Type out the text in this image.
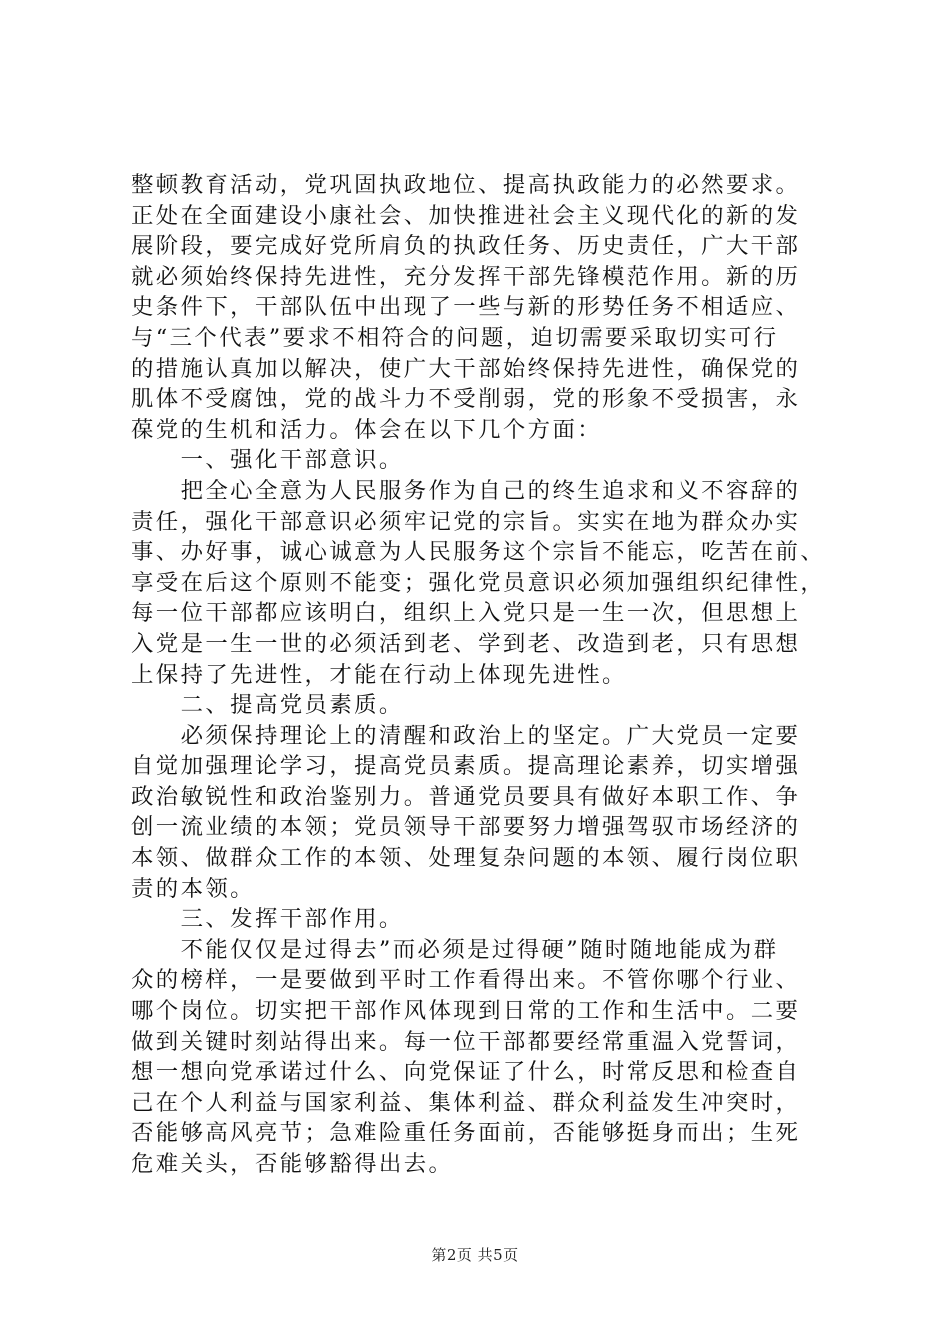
整顿教育活动，党巩固执政地位、提高执政能力的必然要求。
正处在全面建设小康社会、加快推进社会主义现代化的新的发
展阶段，要完成好党所肩负的执政任务、历史责任，广大干部
就必须始终保持先进性，充分发挥干部先锋模范作用。新的历
史条件下，干部队伍中出现了一些与新的形势任务不相适应、
与“三个代表”要求不相符合的问题，迫切需要采取切实可行
的措施认真加以解决，使广大干部始终保持先进性，确保党的
肌体不受腐蚀，党的战斗力不受削弱，党的形象不受损害，永
葆党的生机和活力。体会在以下几个方面：
　　一、强化干部意识。
　　把全心全意为人民服务作为自己的终生追求和义不容辞的
责任，强化干部意识必须牢记党的宗旨。实实在地为群众办实
事、办好事，诚心诚意为人民服务这个宗旨不能忘，吃苦在前、
享受在后这个原则不能变；强化党员意识必须加强组织纪律性，
每一位干部都应该明白，组织上入党只是一生一次，但思想上
入党是一生一世的必须活到老、学到老、改造到老，只有思想
上保持了先进性，才能在行动上体现先进性。
　　二、提高党员素质。
　　必须保持理论上的清醒和政治上的坚定。广大党员一定要
自觉加强理论学习，提高党员素质。提高理论素养，切实增强
政治敏锐性和政治鉴别力。普通党员要具有做好本职工作、争
创一流业绩的本领；党员领导干部要努力增强驾驭市场经济的
本领、做群众工作的本领、处理复杂问题的本领、履行岗位职
责的本领。
　　三、发挥干部作用。
　　不能仅仅是过得去”而必须是过得硬”随时随地能成为群
众的榜样，一是要做到平时工作看得出来。不管你哪个行业、
哪个岗位。切实把干部作风体现到日常的工作和生活中。二要
做到关键时刻站得出来。每一位干部都要经常重温入党誓词，
想一想向党承诺过什么、向党保证了什么，时常反思和检查自
己在个人利益与国家利益、集体利益、群众利益发生冲突时，
否能够高风亮节；急难险重任务面前，否能够挺身而出；生死
危难关头，否能够豁得出去。
第2页 共5页
